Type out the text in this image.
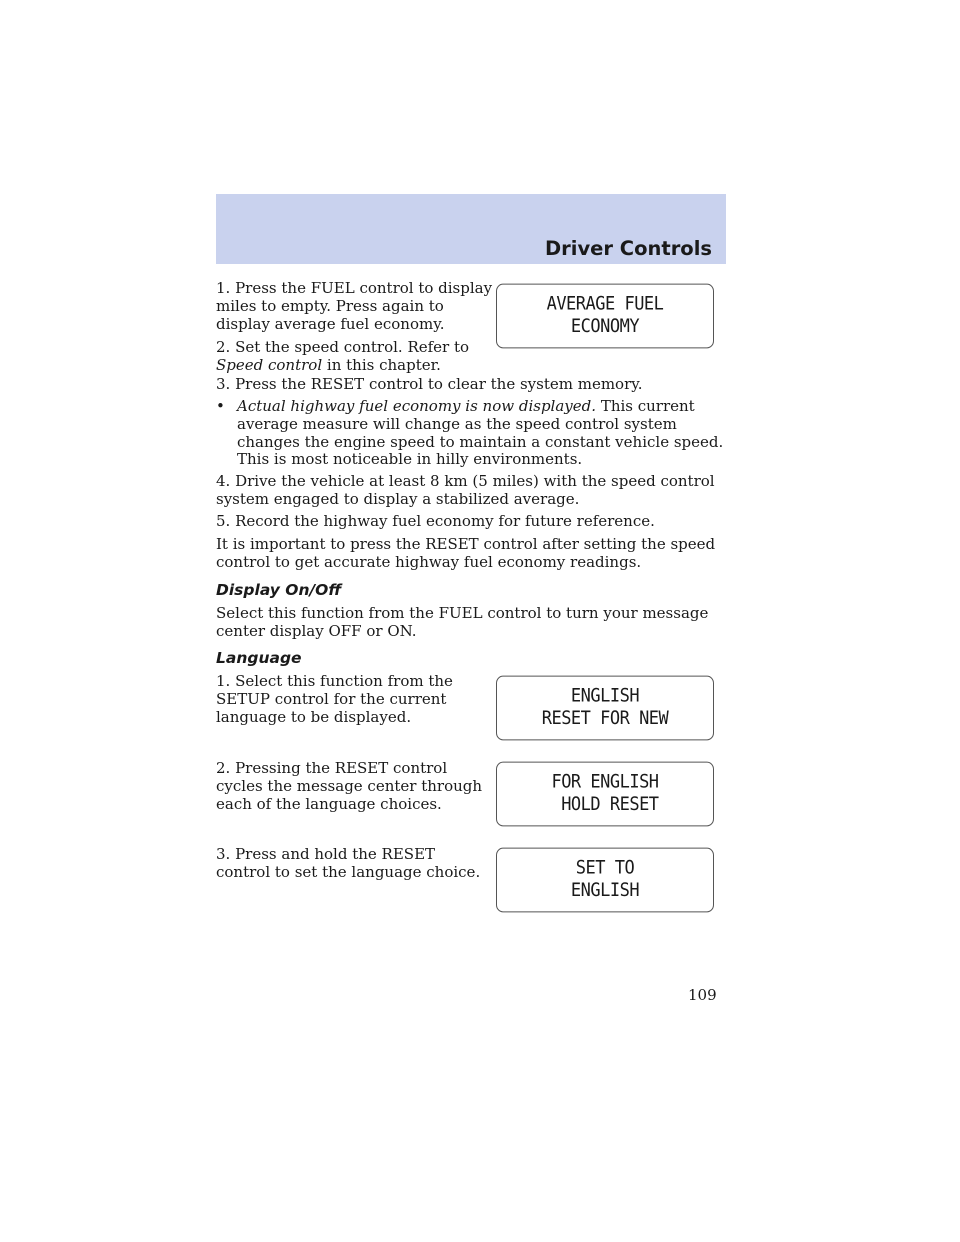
Driver Controls
1. Press the FUEL control to display
miles to empty. Press again to
display average fuel economy.
2. Set the speed control. Refer to
Speed control in this chapter.
3. Press the RESET control to clear the system memory.
• Actual highway fuel economy is now displayed. This current average measure will change as the speed control system changes the engine speed to maintain a constant vehicle speed. This is most noticeable in hilly environments.
4. Drive the vehicle at least 8 km (5 miles) with the speed control system engaged to display a stabilized average.
5. Record the highway fuel economy for future reference.
It is important to press the RESET control after setting the speed control to get accurate highway fuel economy readings.
Display On/Off
Select this function from the FUEL control to turn your message center display OFF or ON.
Language
1. Select this function from the
SETUP control for the current
language to be displayed.
2. Pressing the RESET control
cycles the message center through
each of the language choices.
3. Press and hold the RESET
control to set the language choice.
AVERAGE FUEL
ECONOMY
ENGLISH
RESET FOR NEW
FOR ENGLISH
HOLD RESET
SET TO
ENGLISH
109
